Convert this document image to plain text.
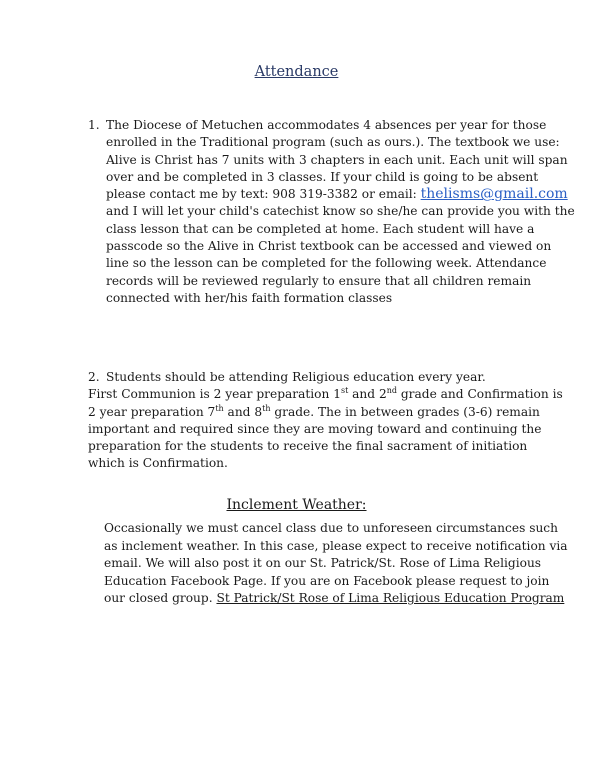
Attendance
1. The Diocese of Metuchen accommodates 4 absences per year for those
enrolled in the Traditional program (such as ours.). The textbook we use:
Alive is Christ has 7 units with 3 chapters in each unit. Each unit will span
over and be completed in 3 classes. If your child is going to be absent
please contact me by text: 908 319-3382 or email: thelisms@gmail.com
and I will let your child's catechist know so she/he can provide you with the
class lesson that can be completed at home. Each student will have a
passcode so the Alive in Christ textbook can be accessed and viewed on
line so the lesson can be completed for the following week. Attendance
records will be reviewed regularly to ensure that all children remain
connected with her/his faith formation classes
2. Students should be attending Religious education every year.
First Communion is 2 year preparation 1st and 2nd grade and Confirmation is
2 year preparation 7th and 8th grade. The in between grades (3-6) remain
important and required since they are moving toward and continuing the
preparation for the students to receive the final sacrament of initiation
which is Confirmation.
Inclement Weather:
Occasionally we must cancel class due to unforeseen circumstances such
as inclement weather. In this case, please expect to receive notification via
email. We will also post it on our St. Patrick/St. Rose of Lima Religious
Education Facebook Page. If you are on Facebook please request to join
our closed group. St Patrick/St Rose of Lima Religious Education Program
